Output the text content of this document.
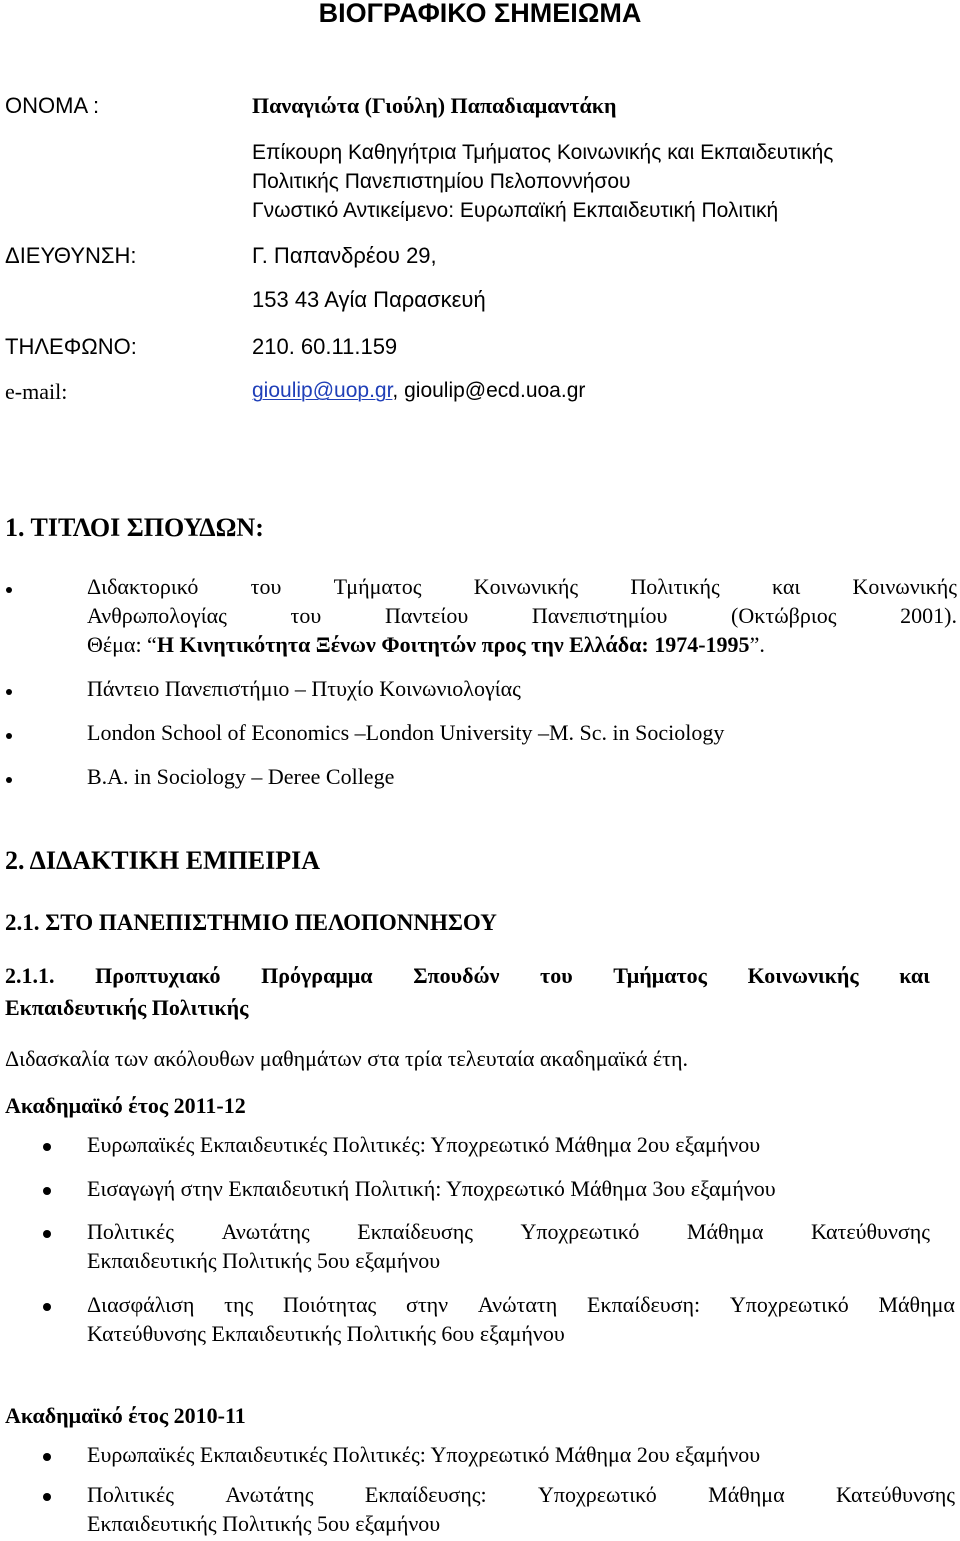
ΒΙΟΓΡΑΦΙΚΟ ΣΗΜΕΙΩΜΑ
ΟΝΟΜΑ :	Παναγιώτα (Γιούλη) Παπαδιαμαντάκη
Επίκουρη Καθηγήτρια Τμήματος Κοινωνικής και Εκπαιδευτικής
Πολιτικής Πανεπιστημίου Πελοποννήσου
Γνωστικό Αντικείμενο: Ευρωπαϊκή Εκπαιδευτική Πολιτική
ΔΙΕΥΘΥΝΣΗ:	Γ. Παπανδρέου 29,
153 43 Αγία Παρασκευή
ΤΗΛΕΦΩΝΟ:	210. 60.11.159
e-mail:	gioulip@uop.gr, gioulip@ecd.uoa.gr
1. ΤΙΤΛΟΙ ΣΠΟΥΔΩΝ:
Διδακτορικό του Τμήματος Κοινωνικής Πολιτικής και Κοινωνικής
Ανθρωπολογίας	του	Παντείου	Πανεπιστημίου	(Οκτώβριος	2001).
Θέμα: “Η Κινητικότητα Ξένων Φοιτητών προς την Ελλάδα: 1974-1995”.
Πάντειο Πανεπιστήμιο – Πτυχίο Κοινωνιολογίας
London School of Economics –London University –M. Sc. in Sociology
B.A. in Sociology – Deree College
2. ΔΙΔΑΚΤΙΚΗ ΕΜΠΕΙΡΙΑ
2.1. ΣΤΟ ΠΑΝΕΠΙΣΤΗΜΙΟ ΠΕΛΟΠΟΝΝΗΣΟΥ
2.1.1. Προπτυχιακό Πρόγραμμα Σπουδών του Τμήματος Κοινωνικής και
Εκπαιδευτικής Πολιτικής
Διδασκαλία των ακόλουθων μαθημάτων στα τρία τελευταία ακαδημαϊκά έτη.
Ακαδημαϊκό έτος 2011-12
Ευρωπαϊκές Εκπαιδευτικές Πολιτικές: Υποχρεωτικό Μάθημα 2ου εξαμήνου
Εισαγωγή στην Εκπαιδευτική Πολιτική: Υποχρεωτικό Μάθημα 3ου εξαμήνου
Πολιτικές Ανωτάτης Εκπαίδευσης Υποχρεωτικό Μάθημα Κατεύθυνσης
Εκπαιδευτικής Πολιτικής 5ου εξαμήνου
Διασφάλιση της Ποιότητας στην Ανώτατη Εκπαίδευση: Υποχρεωτικό Μάθημα
Κατεύθυνσης Εκπαιδευτικής Πολιτικής 6ου εξαμήνου
Ακαδημαϊκό έτος 2010-11
Ευρωπαϊκές Εκπαιδευτικές Πολιτικές: Υποχρεωτικό Μάθημα 2ου εξαμήνου
Πολιτικές Ανωτάτης Εκπαίδευσης: Υποχρεωτικό Μάθημα Κατεύθυνσης
Εκπαιδευτικής Πολιτικής 5ου εξαμήνου
